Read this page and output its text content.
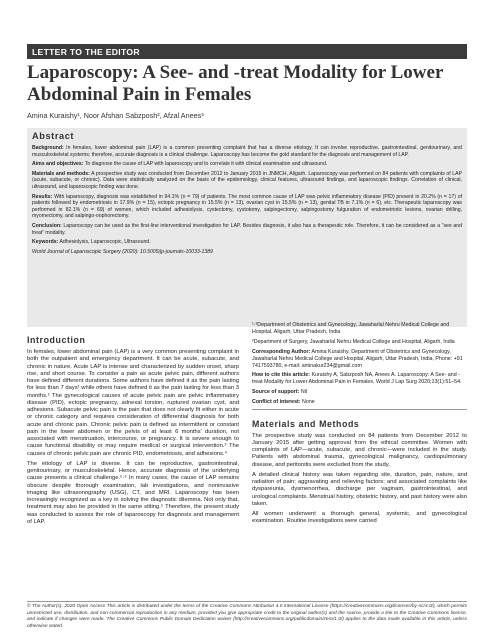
LETTER TO THE EDITOR
Laparoscopy: A See- and -treat Modality for Lower Abdominal Pain in Females
Amina Kuraishy¹, Noor Afshan Sabzposh², Afzal Anees³
Abstract

Background: In females, lower abdominal pain (LAP) is a common presenting complaint that has a diverse etiology. It can involve reproductive, gastrointestinal, genitourinary, and musculoskeletal systems; therefore, accurate diagnosis is a clinical challenge. Laparoscopy has become the gold standard for the diagnosis and management of LAP.

Aims and objectives: To diagnose the cause of LAP with laparoscopy and to correlate it with clinical examination and ultrasound.

Materials and methods: A prospective study was conducted from December 2012 to January 2015 in JNMCH, Aligarh. Laparoscopy was performed on 84 patients with complaints of LAP (acute, subacute, or chronic). Data were statistically analyzed on the basis of the epidemiology, clinical features, ultrasound findings, and laparoscopic findings. Correlation of clinical, ultrasound, and laparoscopic finding was done.

Results: With laparoscopy, diagnosis was established in 94.1% (n = 79) of patients. The most common cause of LAP was pelvic inflammatory disease (PID) present in 20.2% (n = 17) of patients followed by endometriosis in 17.9% (n = 15), ectopic pregnancy in 15.5% (n = 13), ovarian cyst in 15.5% (n = 13), genital TB in 7.1% (n = 6), etc. Therapeutic laparoscopy was performed in 82.1% (n = 69) of women, which included adhesiolysis, cystectomy, cystotomy, salpingectomy, salpingostomy fulguration of endometriotic lesions, ovarian drilling, myomectomy, and salpingo-oophorectomy.

Conclusion: Laparoscopy can be used as the first-line interventional investigation for LAP. Besides diagnosis, it also has a therapeutic role. Therefore, it can be considered as a “see and treat” modality.

Keywords: Adhesiolysis, Laparoscopic, Ultrasound.

World Journal of Laparoscopic Surgery (2020): 10.5005/jp-journals-10033-1389

Introduction

In females, lower abdominal pain (LAP) is a very common presenting complaint in both the outpatient and emergency department. It can be acute, subacute, and chronic in nature. Acute LAP is intense and characterized by sudden onset, sharp rise, and short course. To consider a pain as acute pelvic pain, different authors have defined different durations. Some authors have defined it as the pain lasting for less than 7 days¹ while others have defined it as the pain lasting for less than 3 months.² The gynecological causes of acute pelvic pain are pelvic inflammatory disease (PID), ectopic pregnancy, adnexal torsion, ruptured ovarian cyst, and adhesions. Subacute pelvic pain is the pain that does not clearly fit either in acute or chronic category and requires consideration of differential diagnosis for both acute and chronic pain. Chronic pelvic pain is defined as intermittent or constant pain in the lower abdomen or the pelvis of at least 6 months' duration, not associated with menstruation, intercourse, or pregnancy. It is severe enough to cause functional disability or may require medical or surgical intervention.³ The causes of chronic pelvic pain are chronic PID, endometriosis, and adhesions.⁴

The etiology of LAP is diverse. It can be reproductive, gastrointestinal, genitourinary, or musculoskeletal. Hence, accurate diagnosis of the underlying cause presents a clinical challenge.⁵·⁶ In many cases, the cause of LAP remains obscure despite thorough examination, lab investigations, and noninvasive imaging like ultrasonography (USG), CT, and MRI. Laparoscopy has been increasingly recognized as a key in solving the diagnostic dilemma. Not only that, treatment may also be provided in the same sitting.⁵ Therefore, the present study was conducted to assess the role of laparoscopy for diagnosis and management of LAP.

¹·³Department of Obstetrics and Gynecology, Jawaharlal Nehru Medical College and Hospital, Aligarh, Uttar Pradesh, India

²Department of Surgery, Jawaharlal Nehru Medical College and Hospital, Aligarh, India

Corresponding Author: Amina Kuraishy, Department of Obstetrics and Gynecology, Jawaharlal Nehru Medical College and Hospital, Aligarh, Uttar Pradesh, India, Phone: +91 7417593780, e-mail: aminakur234@gmail.com

How to cite this article: Kuraishy A, Sabzposh NA, Anees A. Laparoscopy: A See- and -treat Modality for Lower Abdominal Pain in Females. World J Lap Surg 2020;13(1):51–54.

Source of support: Nil

Conflict of interest: None

Materials and Methods

The prospective study was conducted on 84 patients from December 2012 to January 2015 after getting approval from the ethical committee. Women with complaints of LAP—acute, subacute, and chronic—were included in the study. Patients with abdominal trauma, gynecological malignancy, cardiopulmonary disease, and peritonitis were excluded from the study.

A detailed clinical history was taken regarding site, duration, pain, nature, and radiation of pain; aggravating and relieving factors; and associated complaints like dyspareunia, dysmenorrhea, discharge per vaginam, gastrointestinal, and urological complaints. Menstrual history, obstetric history, and past history were also taken.

All women underwent a thorough general, systemic, and gynecological examination. Routine investigations were carried

© The Author(s). 2020 Open Access This article is distributed under the terms of the Creative Commons Attribution 4.0 International License (https://creativecommons.org/licenses/by-nc/4.0/), which permits unrestricted use, distribution, and non-commercial reproduction in any medium, provided you give appropriate credit to the original author(s) and the source, provide a link to the Creative Commons license, and indicate if changes were made. The Creative Commons Public Domain Dedication waiver (http://creativecommons.org/publicdomain/zero/1.0/) applies to the data made available in this article, unless otherwise stated.
